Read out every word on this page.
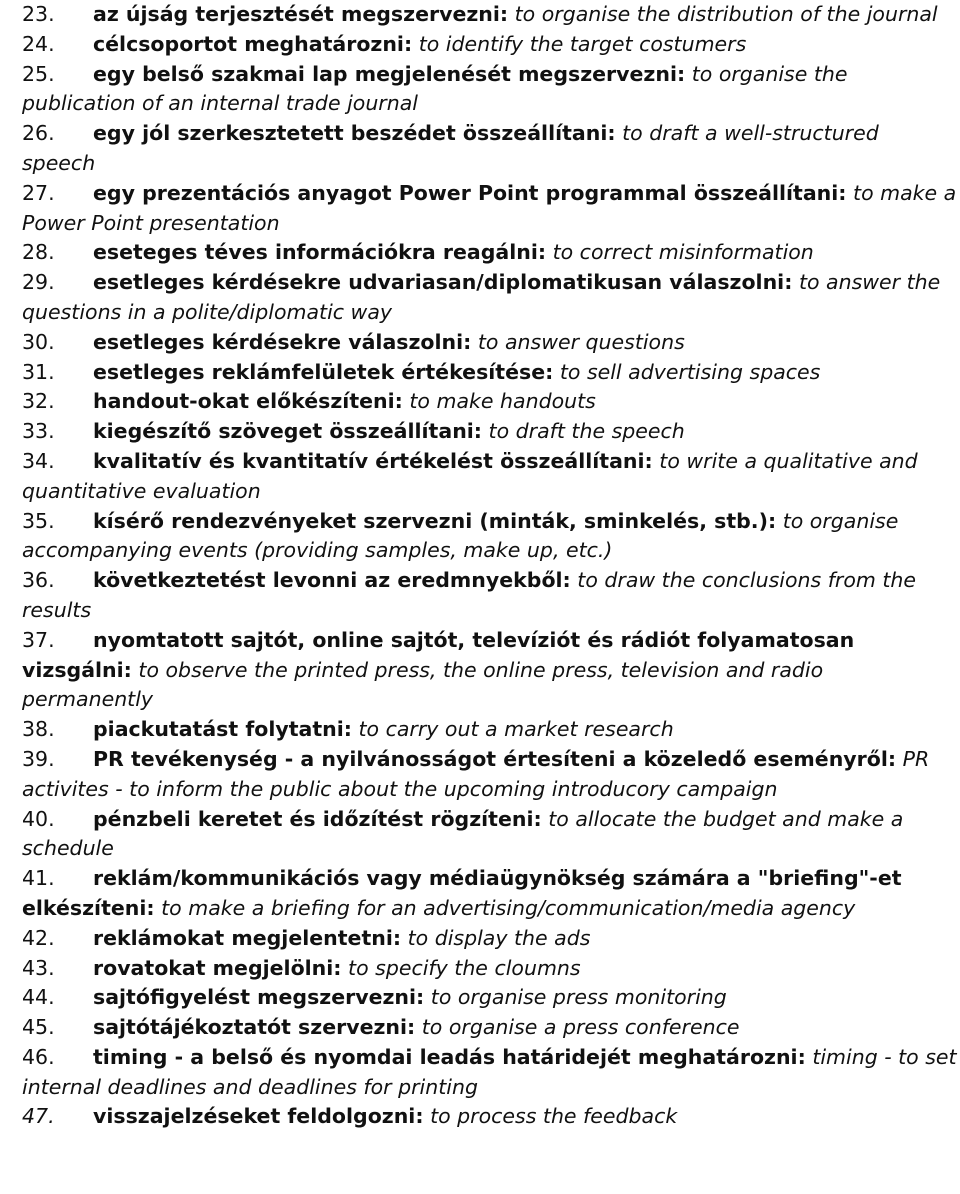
23. az újság terjesztését megszervezni: to organise the distribution of the journal
24. célcsoportot meghatározni: to identify the target costumers
25. egy belső szakmai lap megjelenését megszervezni: to organise the publication of an internal trade journal
26. egy jól szerkesztetett beszédet összeállítani: to draft a well-structured speech
27. egy prezentációs anyagot Power Point programmal összeállítani: to make a Power Point presentation
28. eseteges téves információkra reagálni: to correct misinformation
29. esetleges kérdésekre udvariasan/diplomatikusan válaszolni: to answer the questions in a polite/diplomatic way
30. esetleges kérdésekre válaszolni: to answer questions
31. esetleges reklámfelületek értékesítése: to sell advertising spaces
32. handout-okat előkészíteni: to make handouts
33. kiegészítő szöveget összeállítani: to draft the speech
34. kvalitatív és kvantitatív értékelést összeállítani: to write a qualitative and quantitative evaluation
35. kísérő rendezvényeket szervezni (minták, sminkelés, stb.): to organise accompanying events (providing samples, make up, etc.)
36. következtetést levonni az eredmnyekből: to draw the conclusions from the results
37. nyomtatott sajtót, online sajtót, televíziót és rádiót folyamatosan vizsgálni: to observe the printed press, the online press, television and radio permanently
38. piackutatást folytatni: to carry out a market research
39. PR tevékenység - a nyilvánosságot értesíteni a közeledő eseményről: PR activites - to inform the public about the upcoming introducory campaign
40. pénzbeli keretet és időzítést rögzíteni: to allocate the budget and make a schedule
41. reklám/kommunikációs vagy médiaügynökség számára a "briefing"-et elkészíteni: to make a briefing for an advertising/communication/media agency
42. reklámokat megjelentetni: to display the ads
43. rovatokat megjelölni: to specify the cloumns
44. sajtófigyelést megszervezni: to organise press monitoring
45. sajtótájékoztatót szervezni: to organise a press conference
46. timing - a belső és nyomdai leadás határidejét meghatározni: timing - to set internal deadlines and deadlines for printing
47. visszajelzéseket feldolgozni: to process the feedback
